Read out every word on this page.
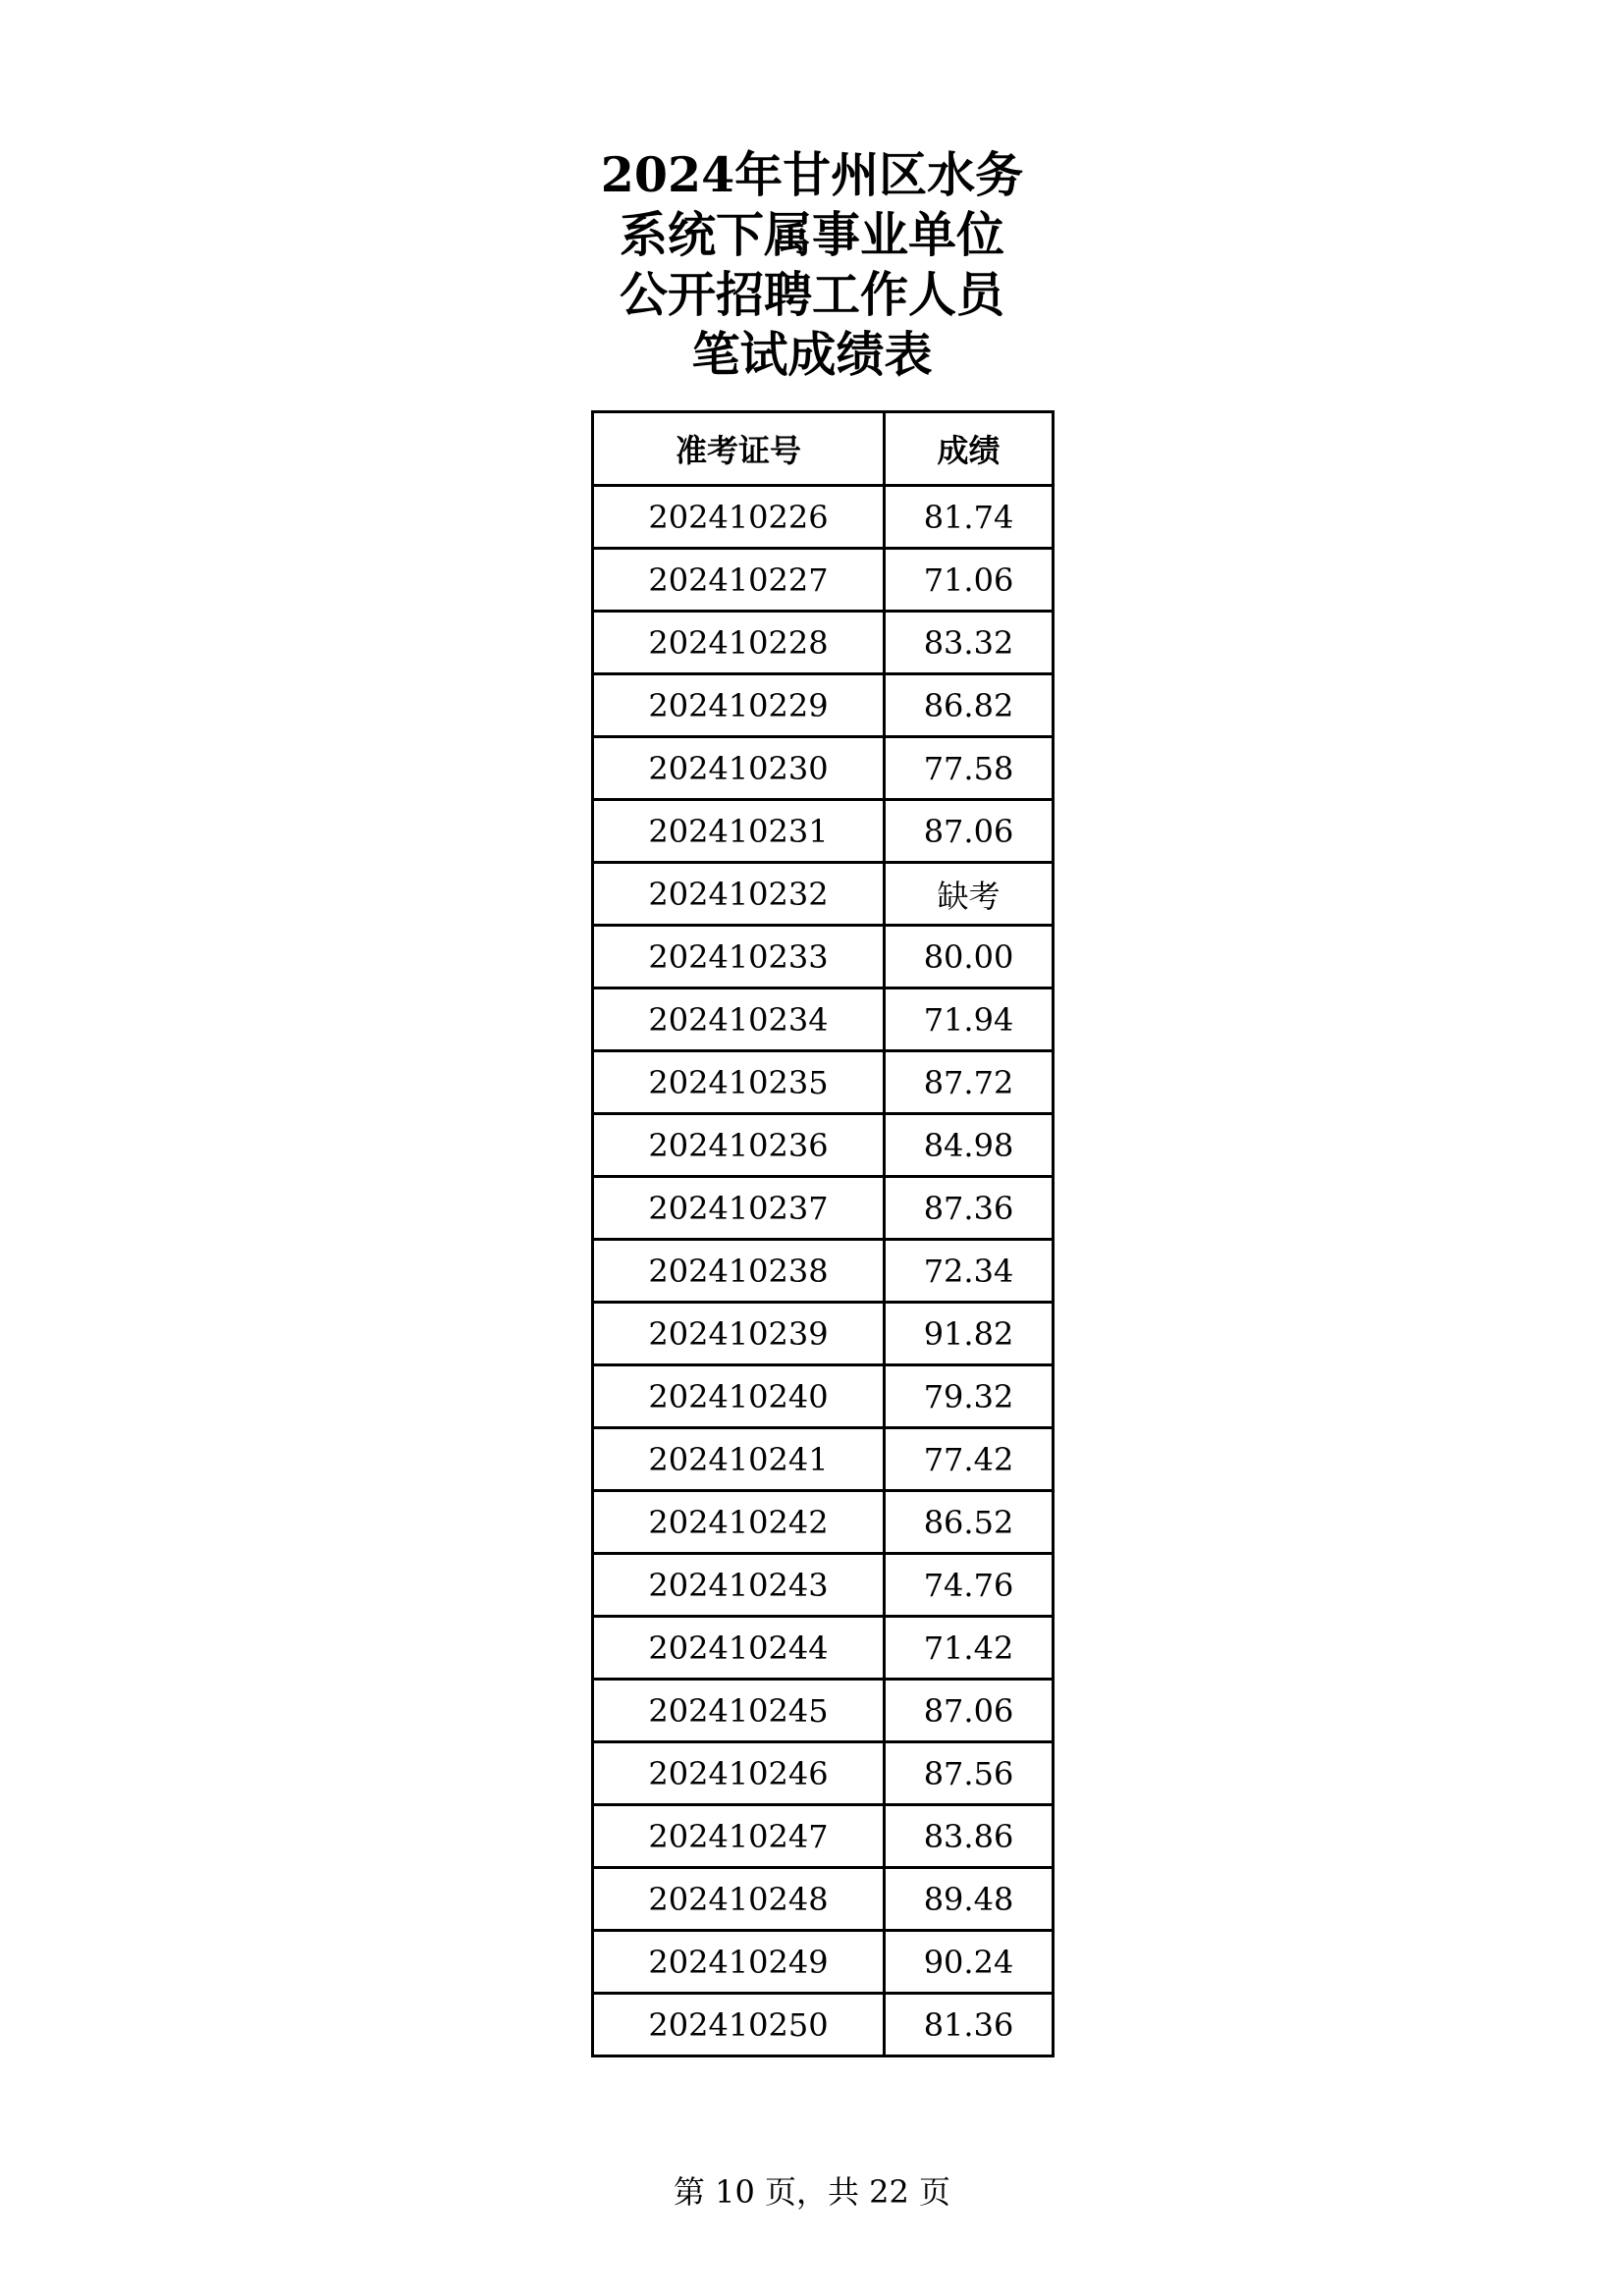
2024年甘州区水务
系统下属事业单位
公开招聘工作人员
笔试成绩表
准考证号	成绩
202410226	81.74
202410227	71.06
202410228	83.32
202410229	86.82
202410230	77.58
202410231	87.06
202410232	缺考
202410233	80.00
202410234	71.94
202410235	87.72
202410236	84.98
202410237	87.36
202410238	72.34
202410239	91.82
202410240	79.32
202410241	77.42
202410242	86.52
202410243	74.76
202410244	71.42
202410245	87.06
202410246	87.56
202410247	83.86
202410248	89.48
202410249	90.24
202410250	81.36
第 10 页，共 22 页
